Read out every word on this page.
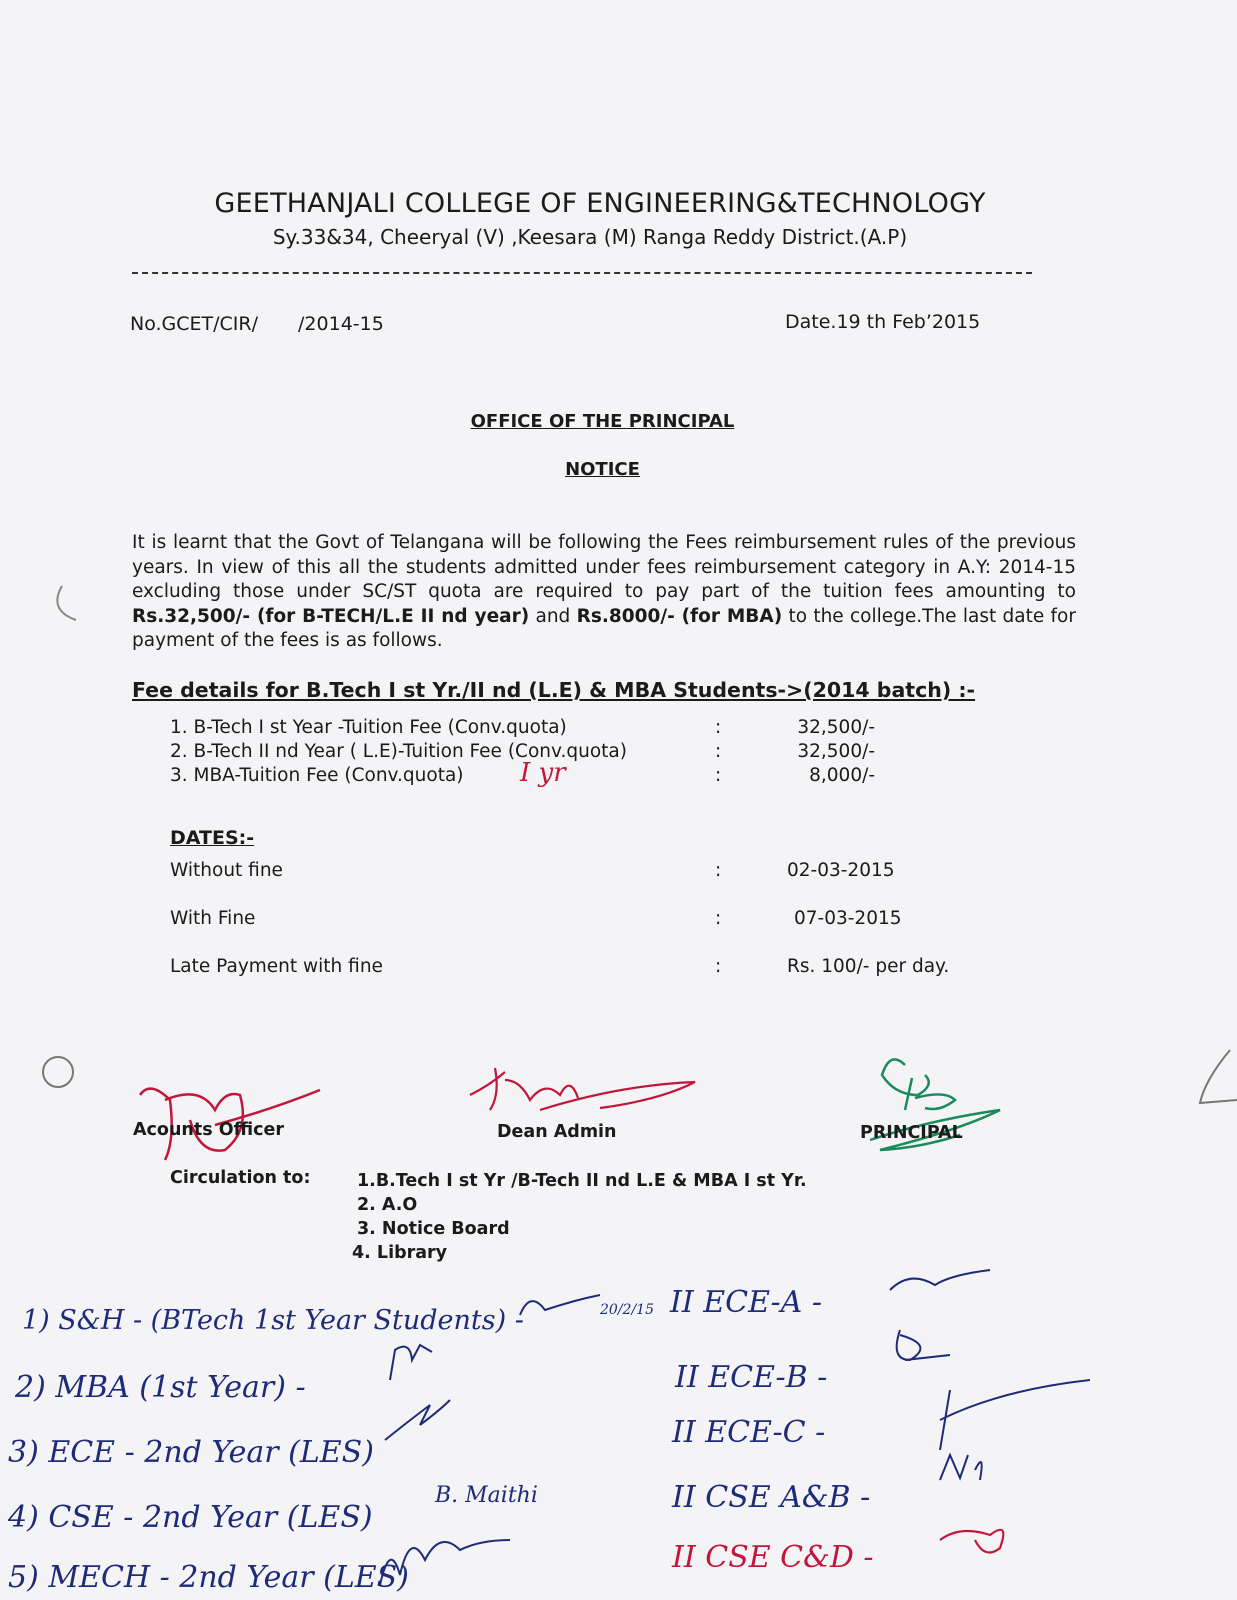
GEETHANJALI COLLEGE OF ENGINEERING&TECHNOLOGY
Sy.33&34, Cheeryal (V) ,Keesara (M) Ranga Reddy District.(A.P)
No.GCET/CIR/ /2014-15	Date.19 th Feb’2015
OFFICE OF THE PRINCIPAL
NOTICE
It is learnt that the Govt of Telangana will be following the Fees reimbursement rules of the previous years. In view of this all the students admitted under fees reimbursement category in A.Y: 2014-15 excluding those under SC/ST quota are required to pay part of the tuition fees amounting to Rs.32,500/- (for B-TECH/L.E II nd year) and Rs.8000/- (for MBA) to the college.The last date for payment of the fees is as follows.
Fee details for B.Tech I st Yr./II nd (L.E) & MBA Students->(2014 batch) :-
1. B-Tech I st Year -Tuition Fee (Conv.quota)	:	32,500/-
2. B-Tech II nd Year ( L.E)-Tuition Fee (Conv.quota)	:	32,500/-
3. MBA-Tuition Fee (Conv.quota) I yr	:	8,000/-
DATES:-
Without fine	:	02-03-2015
With Fine	:	07-03-2015
Late Payment with fine	:	Rs. 100/- per day.
Acounts Officer	Dean Admin	PRINCIPAL
Circulation to:	1.B.Tech I st Yr /B-Tech II nd L.E & MBA I st Yr.
2. A.O
3. Notice Board
4. Library
1) S&H - (BTech 1st Year Students) -	20/2/15
2) MBA (1st Year) -
3) ECE - 2nd Year (LES)
4) CSE - 2nd Year (LES)
B. Maithi
5) MECH - 2nd Year (LES)
II ECE-A -
II ECE-B -
II ECE-C -
II CSE A&B -
II CSE C&D -
